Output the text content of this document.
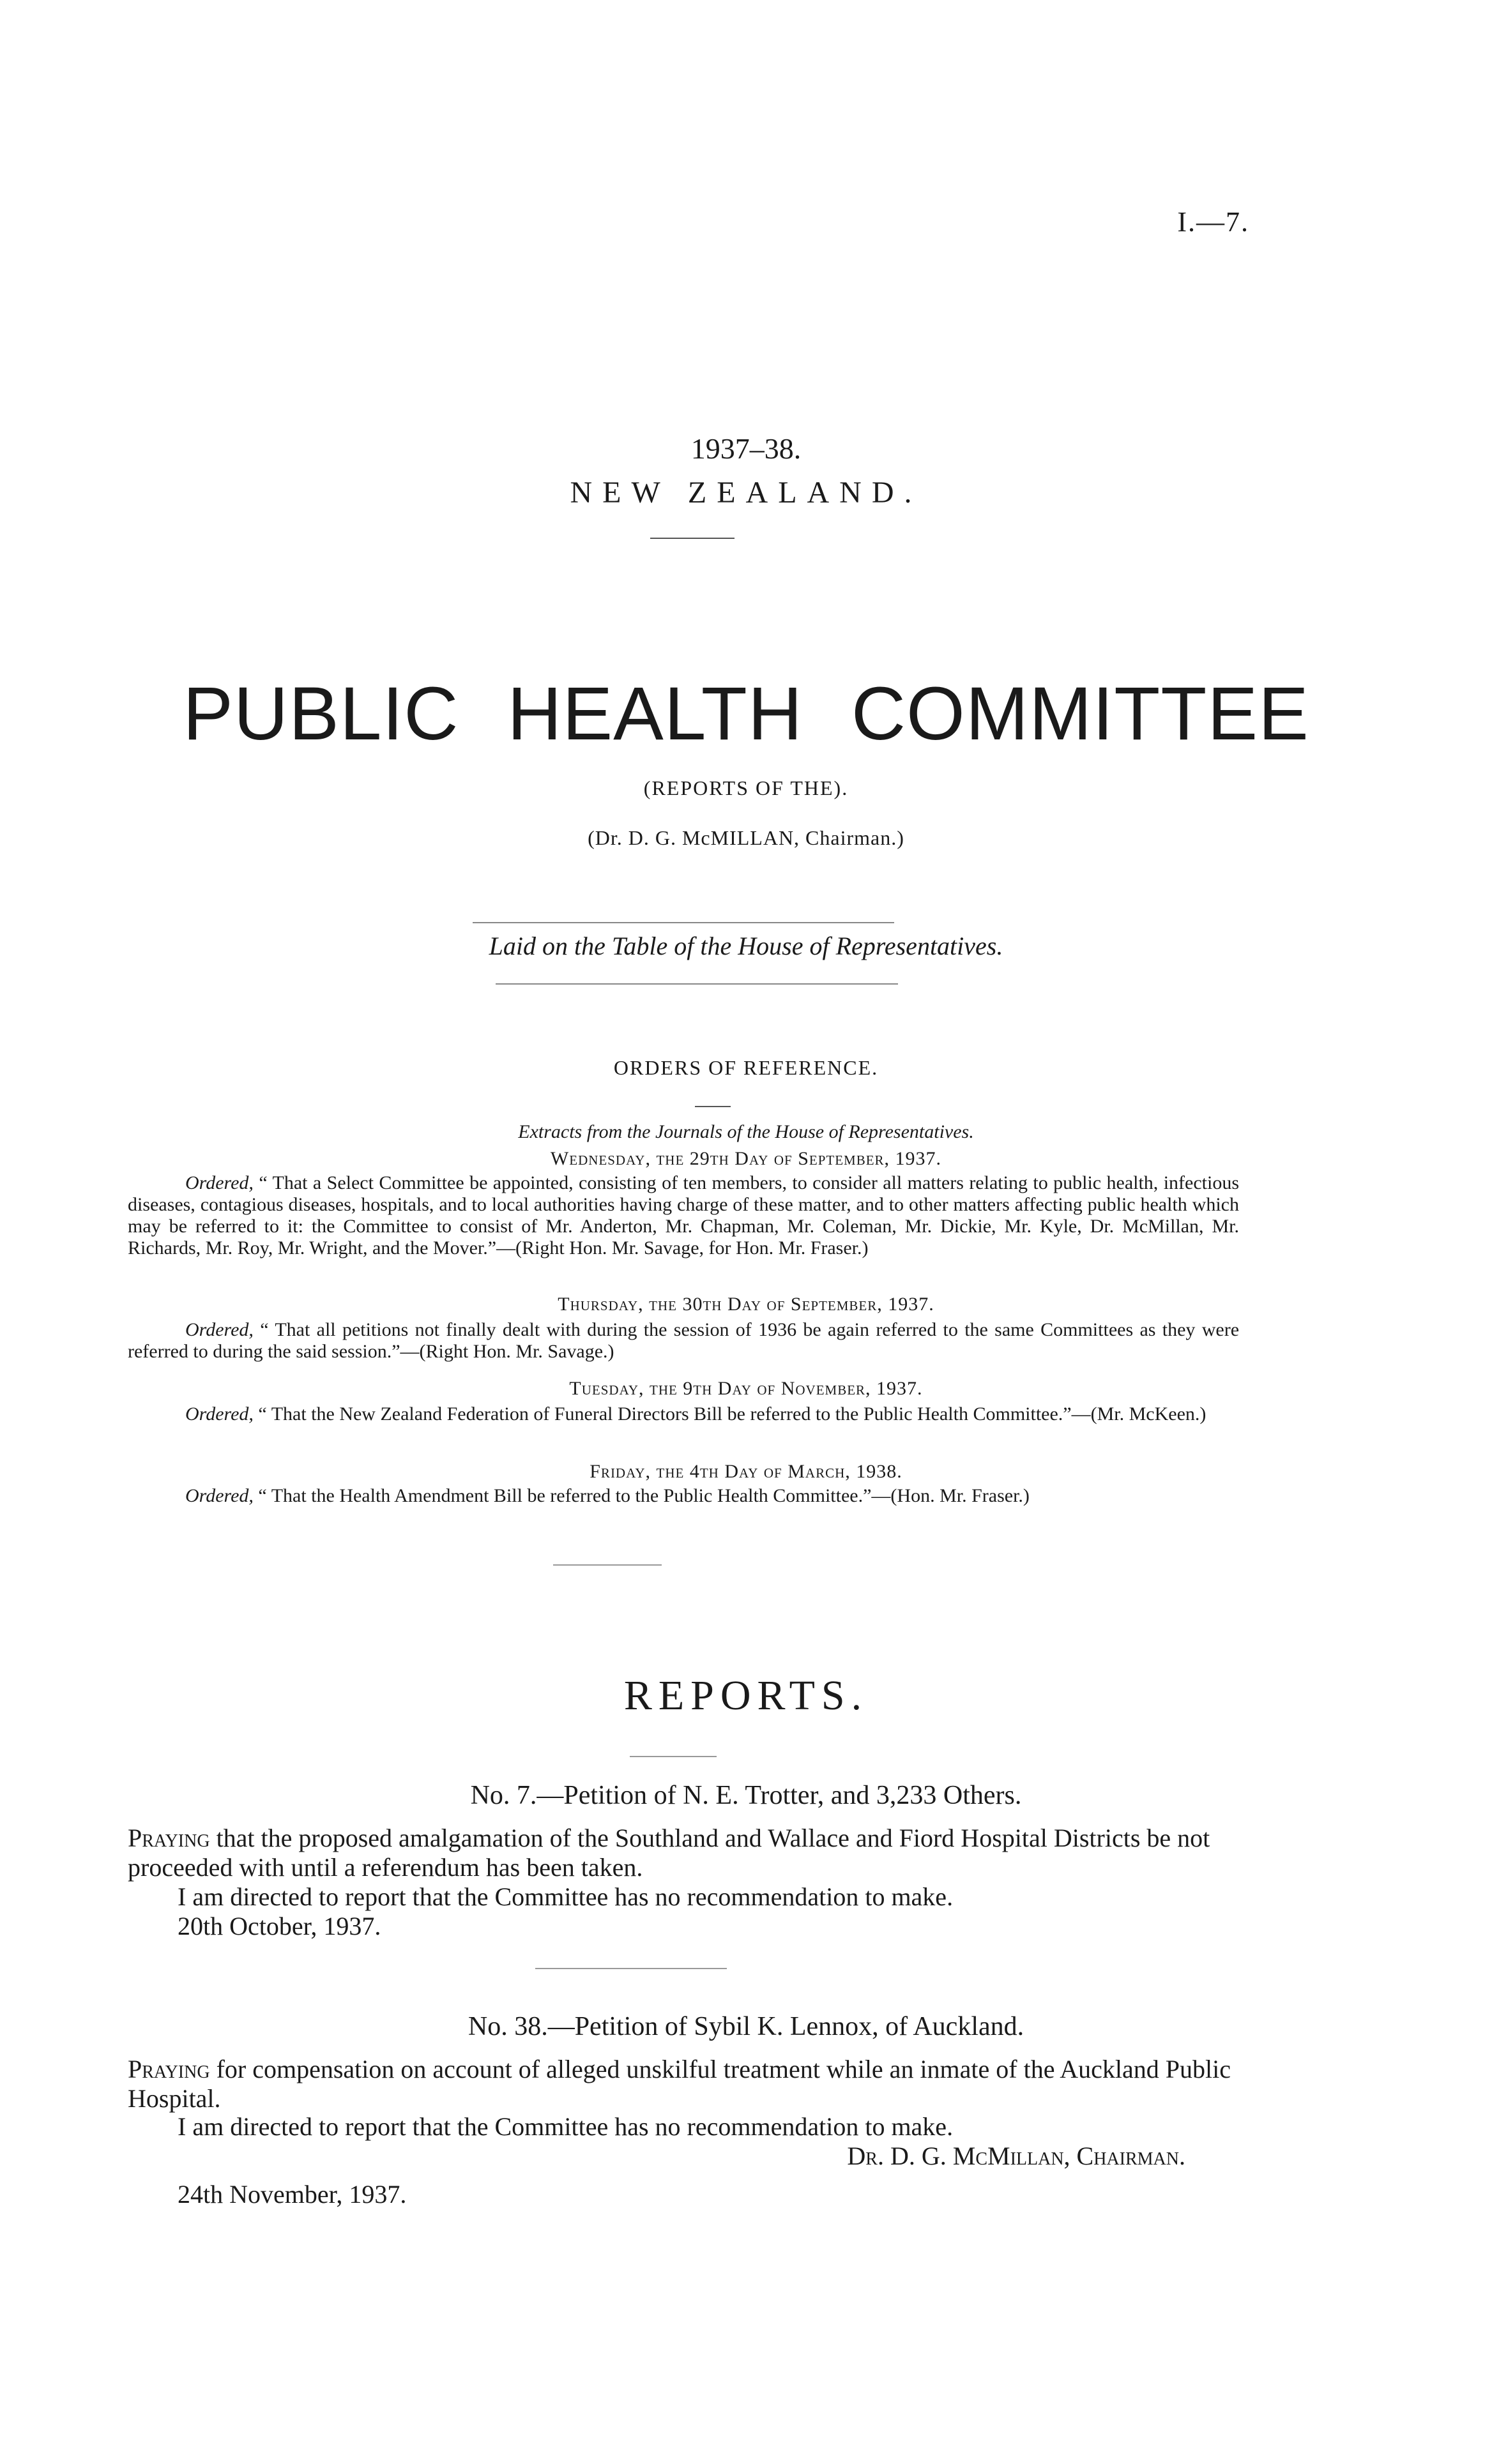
I.—7.
1937–38.
NEW ZEALAND.
PUBLIC HEALTH COMMITTEE
(REPORTS OF THE).
(Dr. D. G. McMILLAN, Chairman.)
Laid on the Table of the House of Representatives.
ORDERS OF REFERENCE.
Extracts from the Journals of the House of Representatives.
Wednesday, the 29th Day of September, 1937.
Ordered, “ That a Select Committee be appointed, consisting of ten members, to consider all matters relating to public health, infectious diseases, contagious diseases, hospitals, and to local authorities having charge of these matter, and to other matters affecting public health which may be referred to it: the Committee to consist of Mr. Anderton, Mr. Chapman, Mr. Coleman, Mr. Dickie, Mr. Kyle, Dr. McMillan, Mr. Richards, Mr. Roy, Mr. Wright, and the Mover.”—(Right Hon. Mr. Savage, for Hon. Mr. Fraser.)
Thursday, the 30th Day of September, 1937.
Ordered, “ That all petitions not finally dealt with during the session of 1936 be again referred to the same Committees as they were referred to during the said session.”—(Right Hon. Mr. Savage.)
Tuesday, the 9th Day of November, 1937.
Ordered, “ That the New Zealand Federation of Funeral Directors Bill be referred to the Public Health Committee.”—(Mr. McKeen.)
Friday, the 4th Day of March, 1938.
Ordered, “ That the Health Amendment Bill be referred to the Public Health Committee.”—(Hon. Mr. Fraser.)
REPORTS.
No. 7.—Petition of N. E. Trotter, and 3,233 Others.
Praying that the proposed amalgamation of the Southland and Wallace and Fiord Hospital Districts be not proceeded with until a referendum has been taken.
I am directed to report that the Committee has no recommendation to make.
20th October, 1937.
No. 38.—Petition of Sybil K. Lennox, of Auckland.
Praying for compensation on account of alleged unskilful treatment while an inmate of the Auckland Public Hospital.
I am directed to report that the Committee has no recommendation to make.
Dr. D. G. McMillan, Chairman.
24th November, 1937.
